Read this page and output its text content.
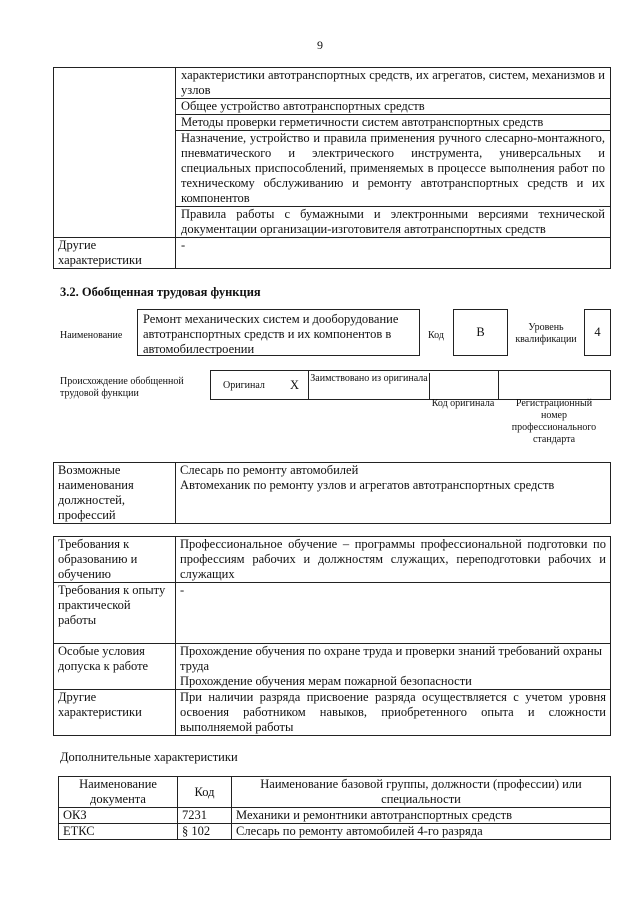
9
	характеристики автотранспортных средств, их агрегатов, систем, механизмов и узлов
	Общее устройство автотранспортных средств
	Методы проверки герметичности систем автотранспортных средств
	Назначение, устройство и правила применения ручного слесарно-монтажного, пневматического и электрического инструмента, универсальных и специальных приспособлений, применяемых в процессе выполнения работ по техническому обслуживанию и ремонту автотранспортных средств и их компонентов
	Правила работы с бумажными и электронными версиями технической документации организации-изготовителя автотранспортных средств
Другие характеристики	-
3.2. Обобщенная трудовая функция
Наименование
Ремонт механических систем и дооборудование автотранспортных средств и их компонентов в автомобилестроении
Код	B	Уровень квалификации
4
Происхождение обобщенной трудовой функции
Оригинал X Заимствовано из оригинала
Код оригинала	Регистрационный номер профессионального стандарта
Возможные наименования должностей, профессий	
Слесарь по ремонту автомобилей
Автомеханик по ремонту узлов и агрегатов автотранспортных средств
Требования к образованию и обучению	Профессиональное обучение – программы профессиональной подготовки по профессиям рабочих и должностям служащих, переподготовки рабочих и служащих
Требования к опыту практической работы	-
Особые условия допуска к работе	Прохождение обучения по охране труда и проверки знаний требований охраны труда
Прохождение обучения мерам пожарной безопасности

Другие характеристики	При наличии разряда присвоение разряда осуществляется с учетом уровня освоения работником навыков, приобретенного опыта и сложности выполняемой работы
Дополнительные характеристики
Наименование документа	Код	Наименование базовой группы, должности (профессии) или специальности
ОКЗ	7231	Механики и ремонтники автотранспортных средств
ЕТКС	§ 102	Слесарь по ремонту автомобилей 4-го разряда
